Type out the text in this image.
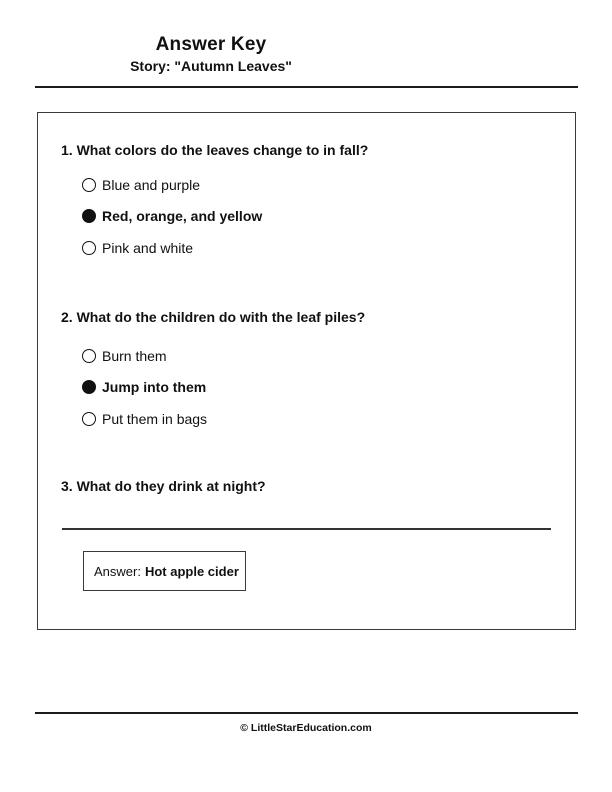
Answer Key
Story: "Autumn Leaves"
1. What colors do the leaves change to in fall?
Blue and purple
Red, orange, and yellow
Pink and white
2. What do the children do with the leaf piles?
Burn them
Jump into them
Put them in bags
3. What do they drink at night?
Answer: Hot apple cider
© LittleStarEducation.com
